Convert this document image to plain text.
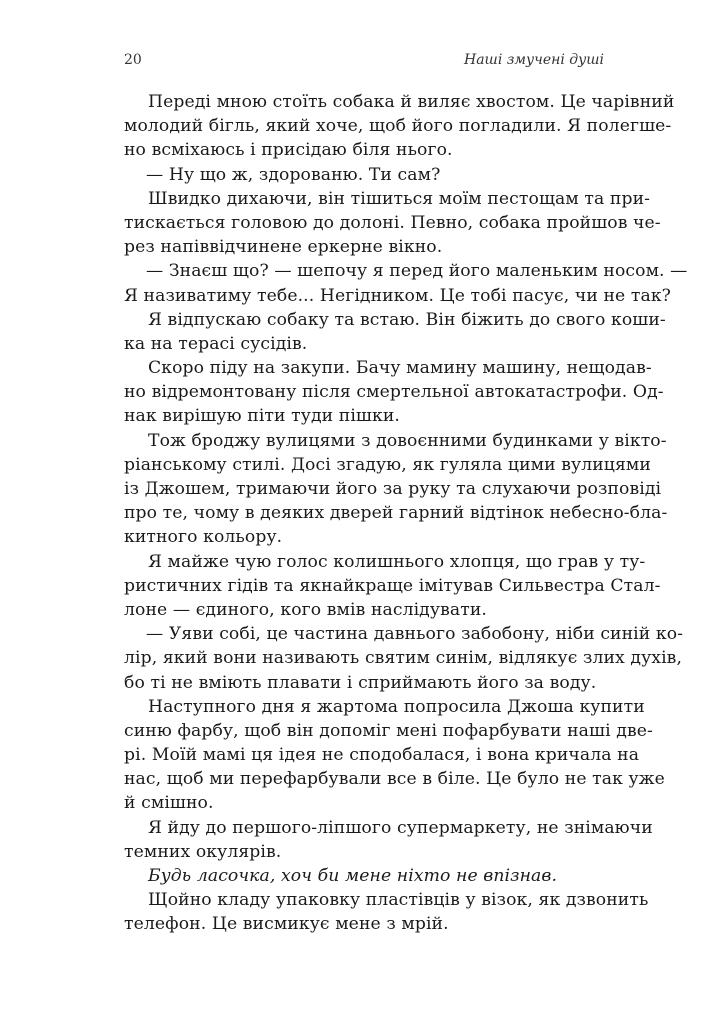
20	Наші змучені душі
Переді мною стоїть собака й виляє хвостом. Це чарівний
молодий бігль, який хоче, щоб його погладили. Я полегше-
но всміхаюсь і присідаю біля нього.
— Ну що ж, здорованю. Ти сам?
Швидко дихаючи, він тішиться моїм пестощам та при-
тискається головою до долоні. Певно, собака пройшов че-
рез напіввідчинене еркерне вікно.
— Знаєш що? — шепочу я перед його маленьким носом. —
Я називатиму тебе... Негідником. Це тобі пасує, чи не так?
Я відпускаю собаку та встаю. Він біжить до свого коши-
ка на терасі сусідів.
Скоро піду на закупи. Бачу мамину машину, нещодав-
но відремонтовану після смертельної автокатастрофи. Од-
нак вирішую піти туди пішки.
Тож броджу вулицями з довоєнними будинками у вікто-
ріанському стилі. Досі згадую, як гуляла цими вулицями
із Джошем, тримаючи його за руку та слухаючи розповіді
про те, чому в деяких дверей гарний відтінок небесно-бла-
китного кольору.
Я майже чую голос колишнього хлопця, що грав у ту-
ристичних гідів та якнайкраще імітував Сильвестра Стал-
лоне — єдиного, кого вмів наслідувати.
— Уяви собі, це частина давнього забобону, ніби синій ко-
лір, який вони називають святим синім, відлякує злих духів,
бо ті не вміють плавати і сприймають його за воду.
Наступного дня я жартома попросила Джоша купити
синю фарбу, щоб він допоміг мені пофарбувати наші две-
рі. Моїй мамі ця ідея не сподобалася, і вона кричала на
нас, щоб ми перефарбували все в біле. Це було не так уже
й смішно.
Я йду до першого-ліпшого супермаркету, не знімаючи
темних окулярів.
Будь ласочка, хоч би мене ніхто не впізнав.
Щойно кладу упаковку пластівців у візок, як дзвонить
телефон. Це висмикує мене з мрій.
